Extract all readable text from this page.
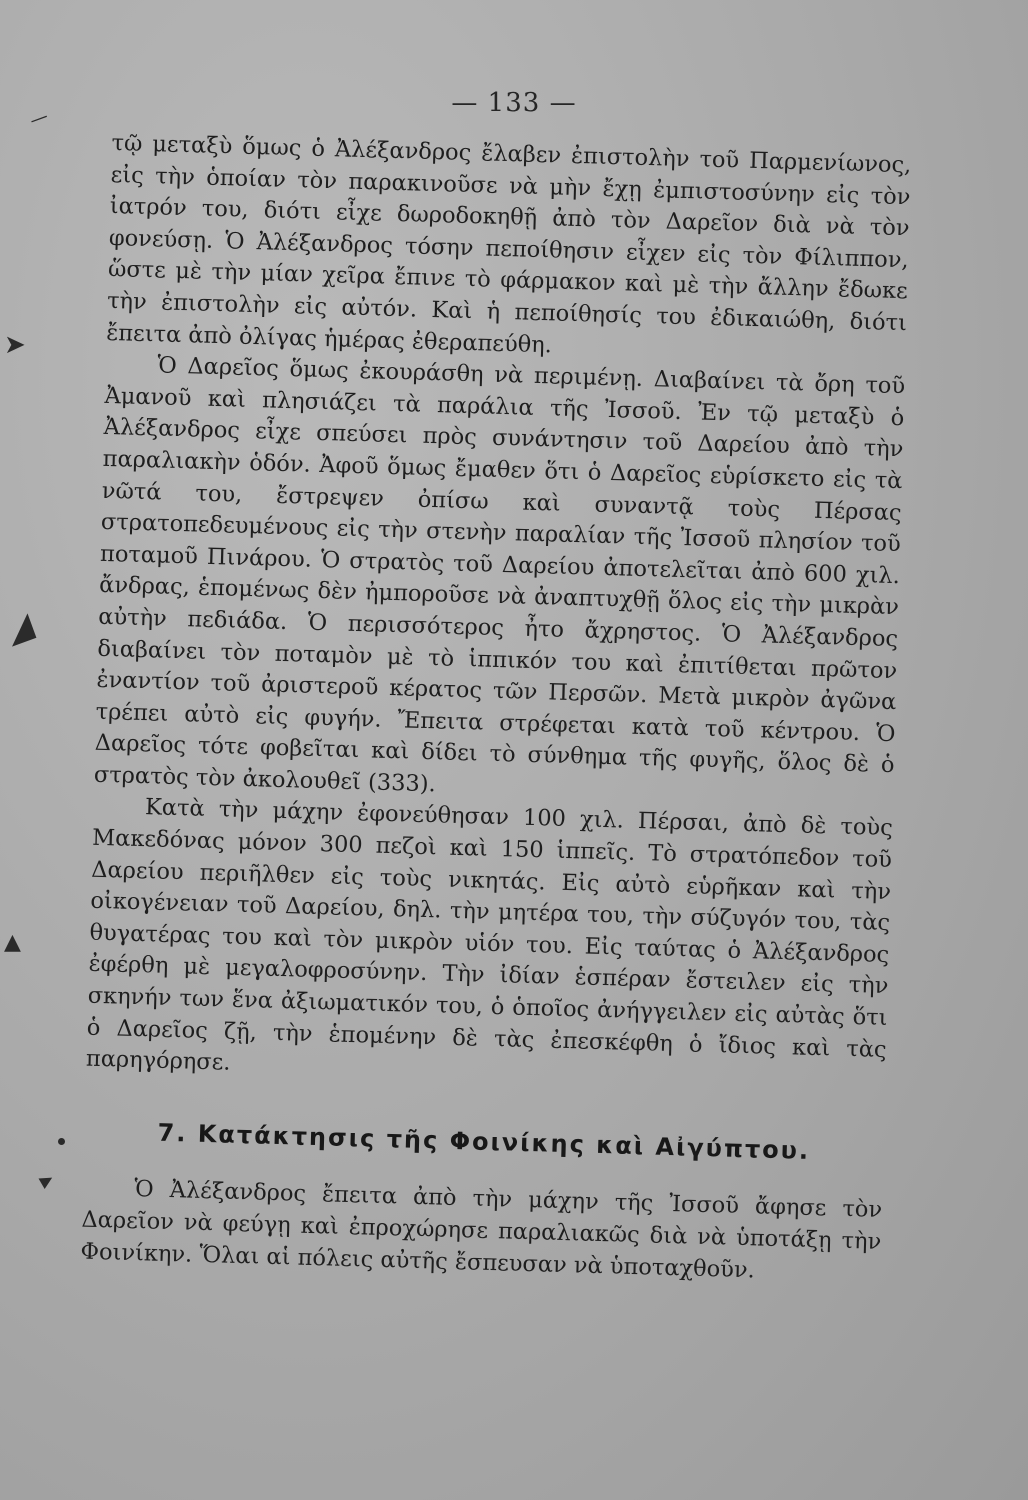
— 133 —

τῷ μεταξὺ ὅμως ὁ Ἀλέξανδρος ἔλαβεν ἐπιστολὴν τοῦ Παρμενίωνος, εἰς τὴν ὁποίαν τὸν παρακινοῦσε νὰ μὴν ἔχῃ ἐμπιστοσύνην εἰς τὸν ἰατρόν του, διότι εἶχε δωροδοκηθῇ ἀπὸ τὸν Δαρεῖον διὰ νὰ τὸν φονεύσῃ. Ὁ Ἀλέξανδρος τόσην πεποίθησιν εἶχεν εἰς τὸν Φίλιππον, ὥστε μὲ τὴν μίαν χεῖρα ἔπινε τὸ φάρμακον καὶ μὲ τὴν ἄλλην ἔδωκε τὴν ἐπιστολὴν εἰς αὐτόν. Καὶ ἡ πεποίθησίς του ἐδικαιώθη, διότι ἔπειτα ἀπὸ ὀλίγας ἡμέρας ἐθεραπεύθη.

Ὁ Δαρεῖος ὅμως ἐκουράσθη νὰ περιμένῃ. Διαβαίνει τὰ ὄρη τοῦ Ἀμανοῦ καὶ πλησιάζει τὰ παράλια τῆς Ἰσσοῦ. Ἐν τῷ μεταξὺ ὁ Ἀλέξανδρος εἶχε σπεύσει πρὸς συνάντησιν τοῦ Δαρείου ἀπὸ τὴν παραλιακὴν ὁδόν. Ἀφοῦ ὅμως ἔμαθεν ὅτι ὁ Δαρεῖος εὑρίσκετο εἰς τὰ νῶτά του, ἔστρεψεν ὀπίσω καὶ συναντᾷ τοὺς Πέρσας στρατοπεδευμένους εἰς τὴν στενὴν παραλίαν τῆς Ἰσσοῦ πλησίον τοῦ ποταμοῦ Πινάρου. Ὁ στρατὸς τοῦ Δαρείου ἀποτελεῖται ἀπὸ 600 χιλ. ἄνδρας, ἑπομένως δὲν ἠμποροῦσε νὰ ἀναπτυχθῇ ὅλος εἰς τὴν μικρὰν αὐτὴν πεδιάδα. Ὁ περισσότερος ἦτο ἄχρηστος. Ὁ Ἀλέξανδρος διαβαίνει τὸν ποταμὸν μὲ τὸ ἱππικόν του καὶ ἐπιτίθεται πρῶτον ἐναντίον τοῦ ἀριστεροῦ κέρατος τῶν Περσῶν. Μετὰ μικρὸν ἀγῶνα τρέπει αὐτὸ εἰς φυγήν. Ἔπειτα στρέφεται κατὰ τοῦ κέντρου. Ὁ Δαρεῖος τότε φοβεῖται καὶ δίδει τὸ σύνθημα τῆς φυγῆς, ὅλος δὲ ὁ στρατὸς τὸν ἀκολουθεῖ (333).

Κατὰ τὴν μάχην ἐφονεύθησαν 100 χιλ. Πέρσαι, ἀπὸ δὲ τοὺς Μακεδόνας μόνον 300 πεζοὶ καὶ 150 ἱππεῖς. Τὸ στρατόπεδον τοῦ Δαρείου περιῆλθεν εἰς τοὺς νικητάς. Εἰς αὐτὸ εὑρῆκαν καὶ τὴν οἰκογένειαν τοῦ Δαρείου, δηλ. τὴν μητέρα του, τὴν σύζυγόν του, τὰς θυγατέρας του καὶ τὸν μικρὸν υἱόν του. Εἰς ταύτας ὁ Ἀλέξανδρος ἐφέρθη μὲ μεγαλοφροσύνην. Τὴν ἰδίαν ἑσπέραν ἔστειλεν εἰς τὴν σκηνήν των ἕνα ἀξιωματικόν του, ὁ ὁποῖος ἀνήγγειλεν εἰς αὐτὰς ὅτι ὁ Δαρεῖος ζῇ, τὴν ἑπομένην δὲ τὰς ἐπεσκέφθη ὁ ἴδιος καὶ τὰς παρηγόρησε.

7. Κατάκτησις τῆς Φοινίκης καὶ Αἰγύπτου.

Ὁ Ἀλέξανδρος ἔπειτα ἀπὸ τὴν μάχην τῆς Ἰσσοῦ ἄφησε τὸν Δαρεῖον νὰ φεύγῃ καὶ ἐπροχώρησε παραλιακῶς διὰ νὰ ὑποτάξῃ τὴν Φοινίκην. Ὅλαι αἱ πόλεις αὐτῆς ἔσπευσαν νὰ ὑποταχθοῦν.

➤
◢
▲
▶
—
